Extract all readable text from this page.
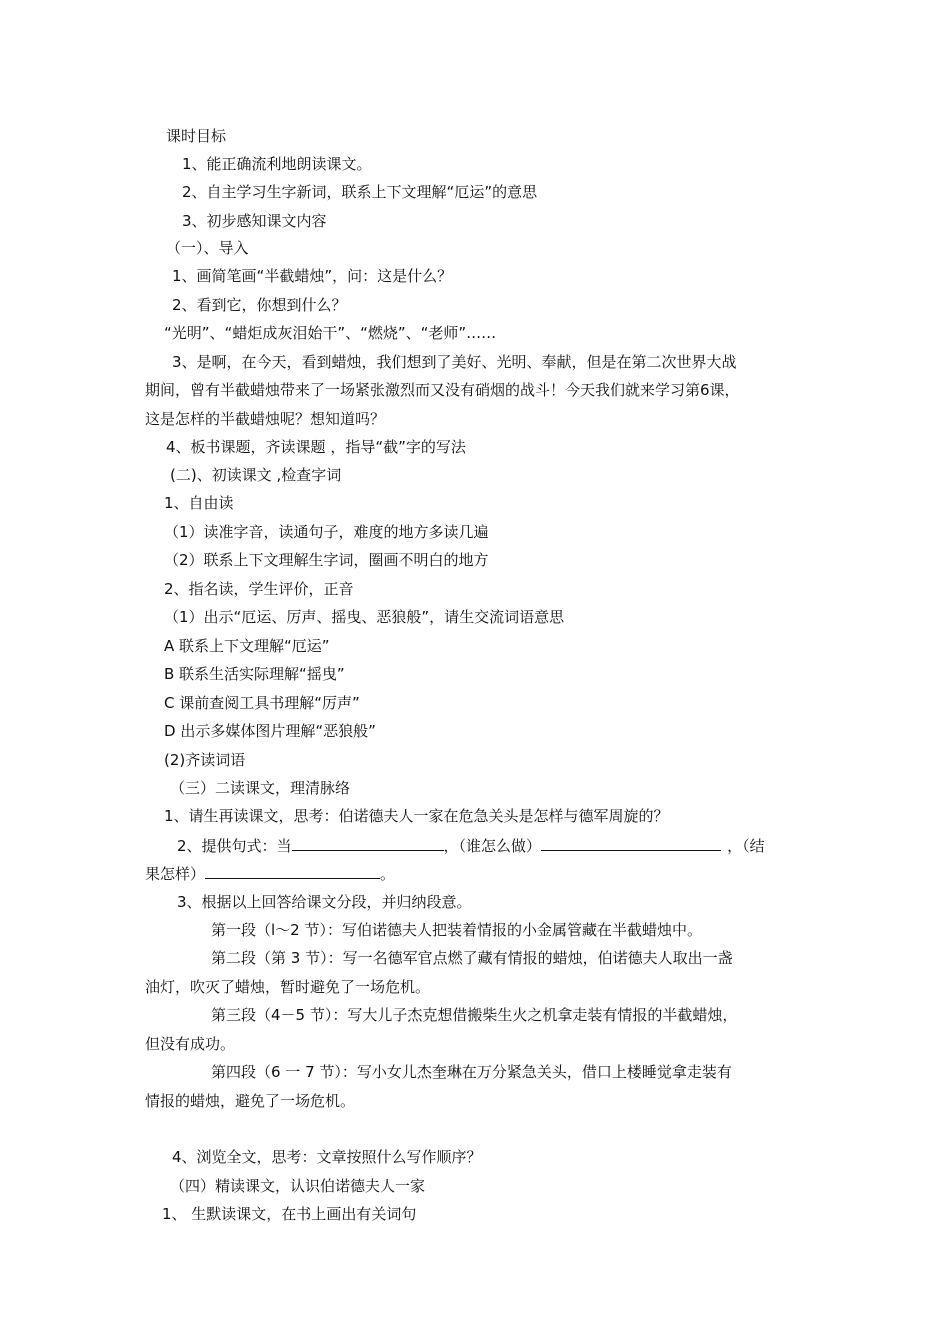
课时目标
1、能正确流利地朗读课文。
2、自主学习生字新词，联系上下文理解“厄运”的意思
3、初步感知课文内容
（一）、导入
1、画简笔画“半截蜡烛”，问：这是什么？
2、看到它，你想到什么？
“光明”、“蜡炬成灰泪始干”、“燃烧”、“老师”……
3、是啊，在今天，看到蜡烛，我们想到了美好、光明、奉献，但是在第二次世界大战
期间，曾有半截蜡烛带来了一场紧张激烈而又没有硝烟的战斗！今天我们就来学习第6课，
这是怎样的半截蜡烛呢？想知道吗？
4、板书课题，齐读课题 ，指导“截”字的写法
(二)、初读课文 ,检查字词
1、自由读
（1）读准字音，读通句子，难度的地方多读几遍
（2）联系上下文理解生字词，圈画不明白的地方
2、指名读，学生评价，正音
（1）出示“厄运、厉声、摇曳、恶狼般”，请生交流词语意思
A 联系上下文理解“厄运”
B 联系生活实际理解“摇曳”
C 课前查阅工具书理解“厉声”
D 出示多媒体图片理解“恶狼般”
(2)齐读词语
（三）二读课文，理清脉络
1、请生再读课文，思考：伯诺德夫人一家在危急关头是怎样与德军周旋的？
2、提供句式：当	，（谁怎么做）	，（结
果怎样）	。
3、根据以上回答给课文分段，并归纳段意。
第一段（l～2 节）：写伯诺德夫人把装着情报的小金属管藏在半截蜡烛中。
第二段（第 3 节）：写一名德军官点燃了藏有情报的蜡烛，伯诺德夫人取出一盏
油灯，吹灭了蜡烛，暂时避免了一场危机。
第三段（4－5 节）：写大儿子杰克想借搬柴生火之机拿走装有情报的半截蜡烛，
但没有成功。
第四段（6 一 7 节）：写小女儿杰奎琳在万分紧急关头，借口上楼睡觉拿走装有
情报的蜡烛，避免了一场危机。
4、浏览全文，思考：文章按照什么写作顺序？
（四）精读课文，认识伯诺德夫人一家
1、 生默读课文，在书上画出有关词句
